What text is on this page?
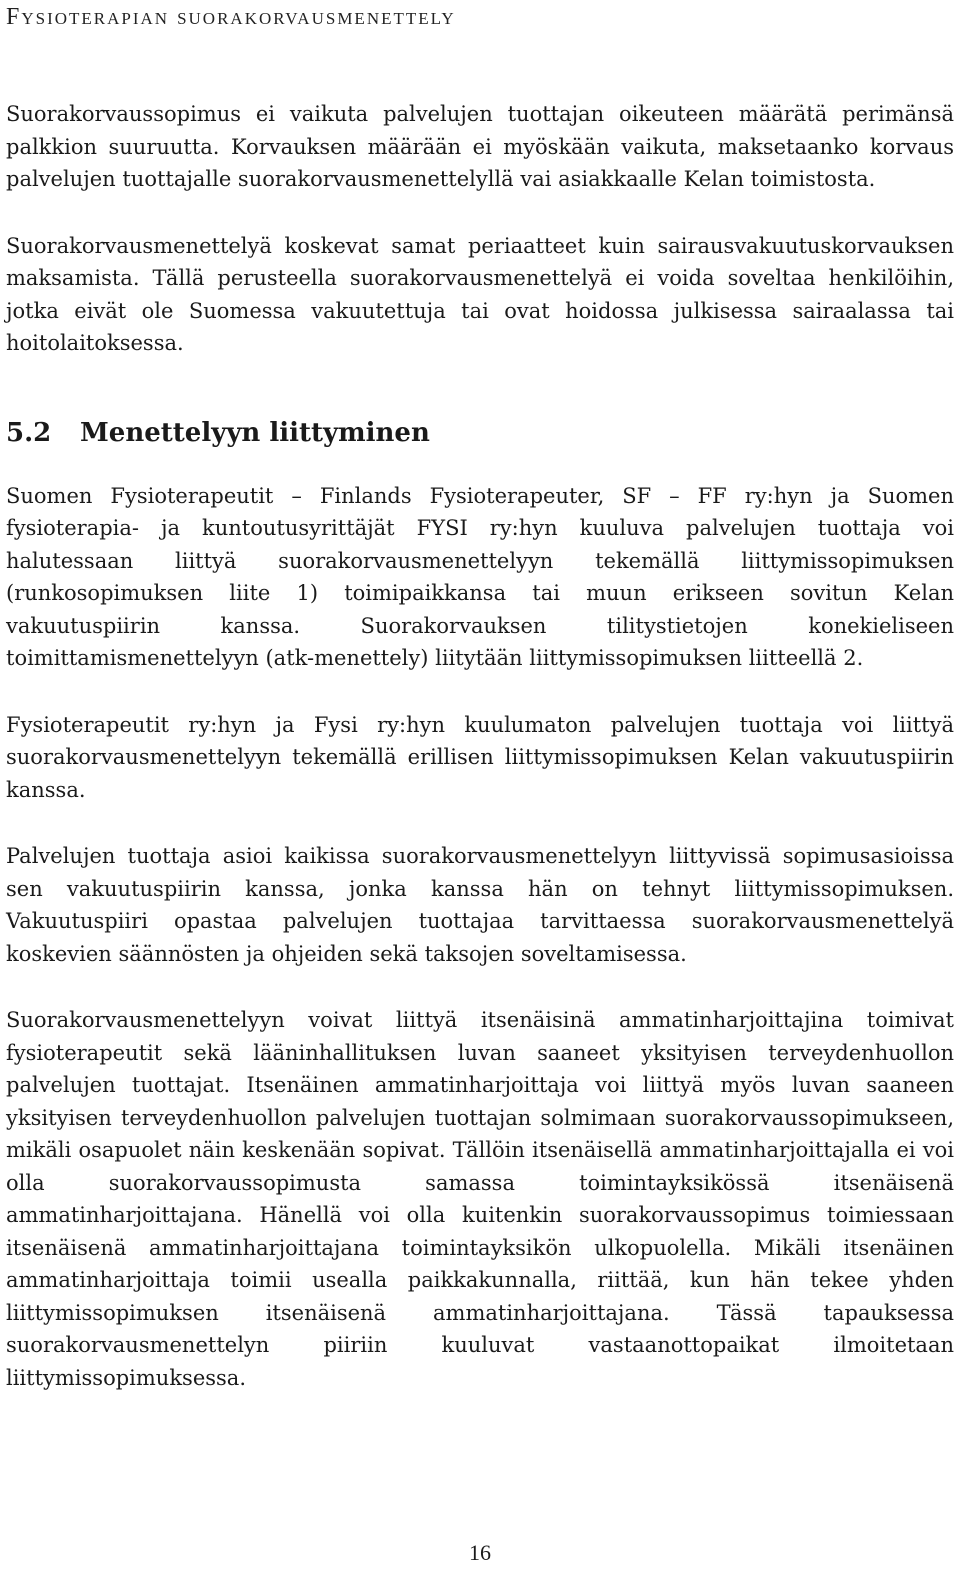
Fysioterapian suorakorvausmenettely

Suorakorvaussopimus ei vaikuta palvelujen tuottajan oikeuteen määrätä perimänsä palkkion suuruutta. Korvauksen määrään ei myöskään vaikuta, maksetaanko korvaus palvelujen tuottajalle suorakorvausmenettelyllä vai asiakkaalle Kelan toimistosta.

Suorakorvausmenettelyä koskevat samat periaatteet kuin sairausvakuutuskorvauksen maksamista. Tällä perusteella suorakorvausmenettelyä ei voida soveltaa henkilöihin, jotka eivät ole Suomessa vakuutettuja tai ovat hoidossa julkisessa sairaalassa tai hoitolaitoksessa.

5.2	Menettelyyn liittyminen

Suomen Fysioterapeutit – Finlands Fysioterapeuter, SF – FF ry:hyn ja Suomen fysioterapia- ja kuntoutusyrittäjät FYSI ry:hyn kuuluva palvelujen tuottaja voi halutessaan liittyä suorakorvausmenettelyyn tekemällä liittymissopimuksen (runkosopimuksen liite 1) toimipaikkansa tai muun erikseen sovitun Kelan vakuutuspiirin kanssa. Suorakorvauksen tilitystietojen konekieliseen toimittamismenettelyyn (atk-menettely) liitytään liittymissopimuksen liitteellä 2.

Fysioterapeutit ry:hyn ja Fysi ry:hyn kuulumaton palvelujen tuottaja voi liittyä suorakorvausmenettelyyn tekemällä erillisen liittymissopimuksen Kelan vakuutuspiirin kanssa.

Palvelujen tuottaja asioi kaikissa suorakorvausmenettelyyn liittyvissä sopimusasioissa sen vakuutuspiirin kanssa, jonka kanssa hän on tehnyt liittymissopimuksen. Vakuutuspiiri opastaa palvelujen tuottajaa tarvittaessa suorakorvausmenettelyä koskevien säännösten ja ohjeiden sekä taksojen soveltamisessa.

Suorakorvausmenettelyyn voivat liittyä itsenäisinä ammatinharjoittajina toimivat fysioterapeutit sekä lääninhallituksen luvan saaneet yksityisen terveydenhuollon palvelujen tuottajat. Itsenäinen ammatinharjoittaja voi liittyä myös luvan saaneen yksityisen terveydenhuollon palvelujen tuottajan solmimaan suorakorvaussopimukseen, mikäli osapuolet näin keskenään sopivat. Tällöin itsenäisellä ammatinharjoittajalla ei voi olla suorakorvaussopimusta samassa toimintayksikössä itsenäisenä ammatinharjoittajana. Hänellä voi olla kuitenkin suorakorvaussopimus toimiessaan itsenäisenä ammatinharjoittajana toimintayksikön ulkopuolella. Mikäli itsenäinen ammatinharjoittaja toimii usealla paikkakunnalla, riittää, kun hän tekee yhden liittymissopimuksen itsenäisenä ammatinharjoittajana. Tässä tapauksessa suorakorvausmenettelyn piiriin kuuluvat vastaanottopaikat ilmoitetaan liittymissopimuksessa.

16
